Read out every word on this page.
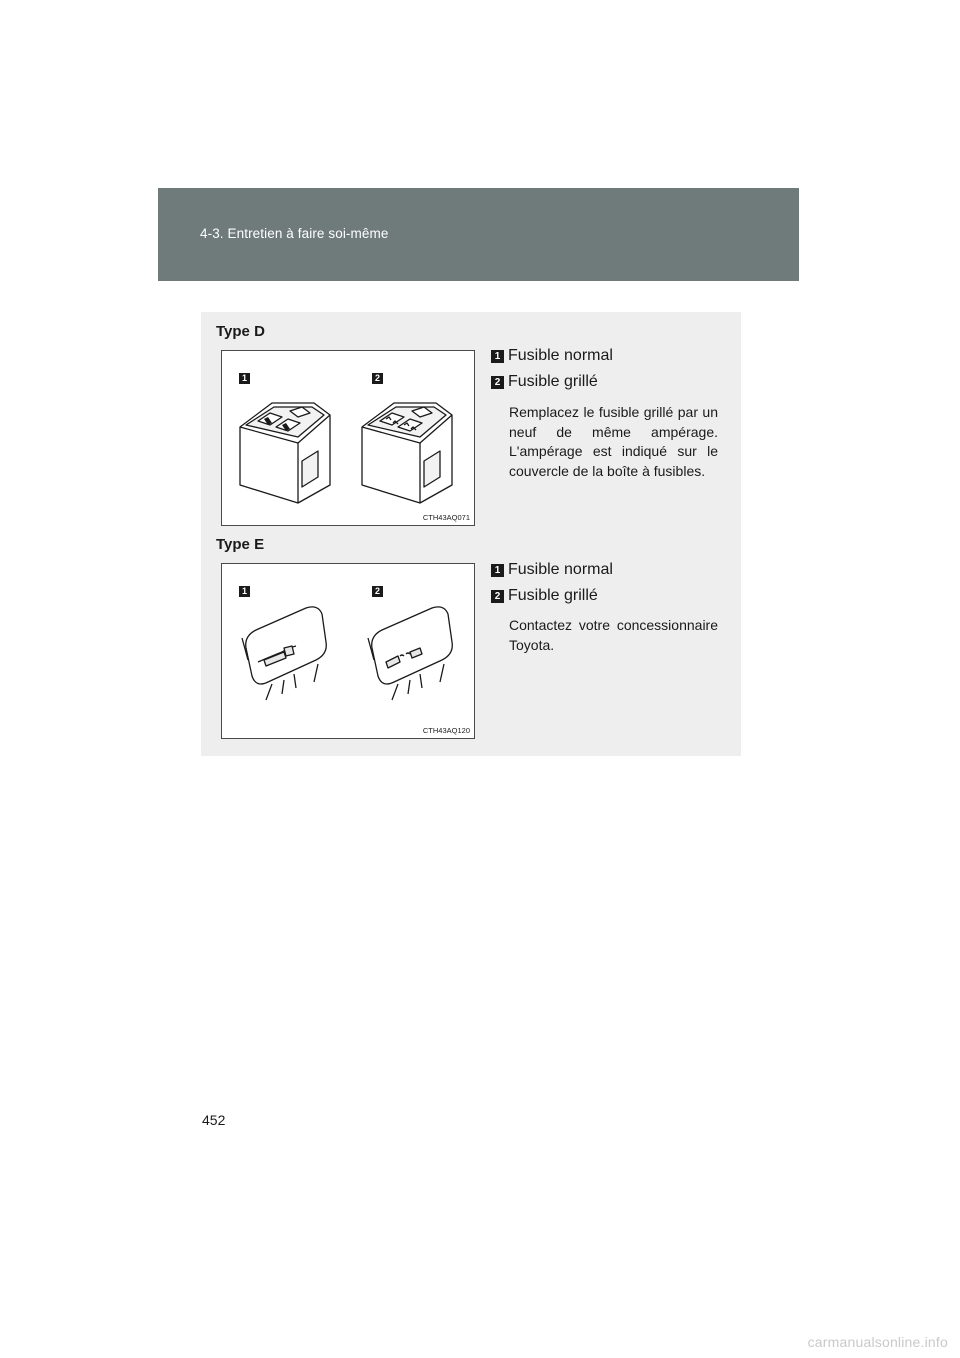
4-3. Entretien à faire soi-même
Type D
1	2
CTH43AQ071
1 Fusible normal
2 Fusible grillé
Remplacez le fusible grillé par un neuf de même ampérage. L'ampérage est indiqué sur le couvercle de la boîte à fusibles.
Type E
1	2
CTH43AQ120
1 Fusible normal
2 Fusible grillé
Contactez votre concessionnaire Toyota.
452
carmanualsonline.info
